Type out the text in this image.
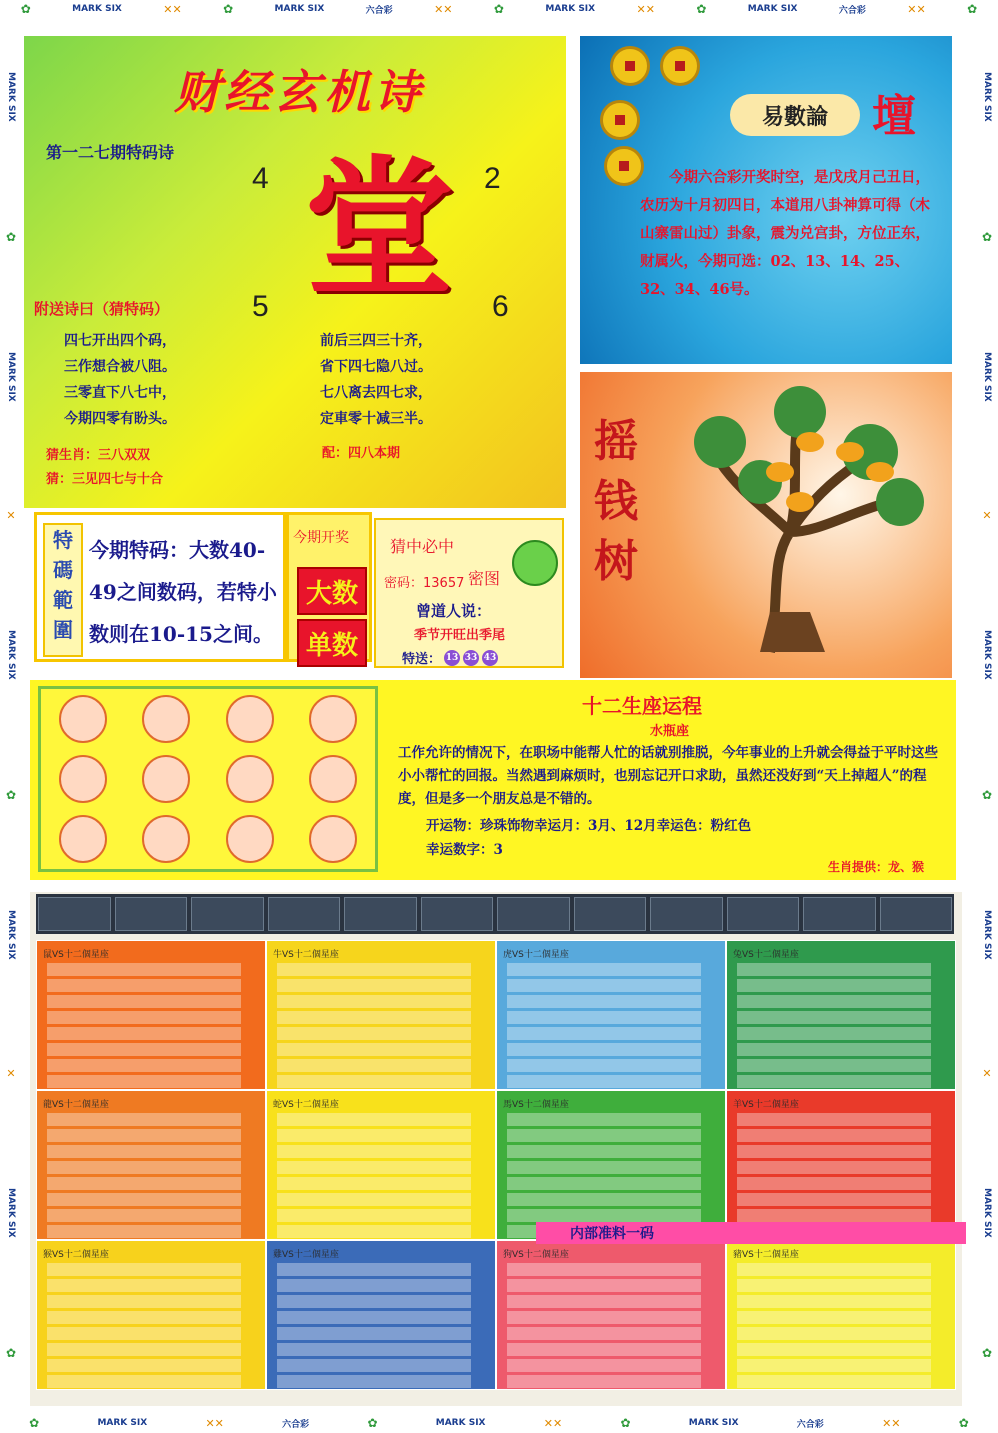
✿	MARK SIX	✕✕	✿	MARK SIX	六合彩	✕✕	✿	MARK SIX	✕✕	✿	MARK SIX	六合彩	✕✕	✿
✿	MARK SIX	✕✕	六合彩	✿	MARK SIX	✕✕	✿	MARK SIX	六合彩	✕✕	✿
MARK SIX
✿
MARK SIX
✕
MARK SIX
✿
MARK SIX
✕
MARK SIX
✿
MARK SIX
✿
MARK SIX
✕
MARK SIX
✿
MARK SIX
✕
MARK SIX
✿
财经玄机诗
第一二七期特码诗
4	2
5	6
堂
附送诗曰（猜特码）
四七开出四个码，
三作想合被八阻。
三零直下八七中，
今期四零有盼头。
前后三四三十齐，
省下四七隐八过。
七八离去四七求，
定車零十减三半。
猜生肖：三八双双
猜：三见四七与十合
配：四八本期
易數論	壇
今期六合彩开奖时空，是戊戌月己丑日，农历为十月初四日，本道用八卦神算可得（木山寨雷山过）卦象，震为兑宫卦，方位正东，财属火，今期可选：02、13、14、25、32、34、46号。
摇钱树
特碼範圍
今期特码：大数40-49之间数码，若特小数则在10-15之间。
今期开奖
大数
单数
猜中必中
密码：13657 密图
曾道人说：
季节开旺出季尾
特送： 13 33 43
十二生座运程
水瓶座
工作允许的情况下，在职场中能帮人忙的话就别推脱，今年事业的上升就会得益于平时这些小小帮忙的回报。当然遇到麻烦时，也别忘记开口求助，虽然还没好到“天上掉超人”的程度，但是多一个朋友总是不错的。
开运物：珍珠饰物幸运月：3月、12月幸运色：粉红色
幸运数字：3
生肖提供：龙、猴
鼠VS十二個星座	牛VS十二個星座	虎VS十二個星座	兔VS十二個星座
龍VS十二個星座	蛇VS十二個星座	馬VS十二個星座	羊VS十二個星座
猴VS十二個星座	雞VS十二個星座	狗VS十二個星座	豬VS十二個星座
内部准料一码
